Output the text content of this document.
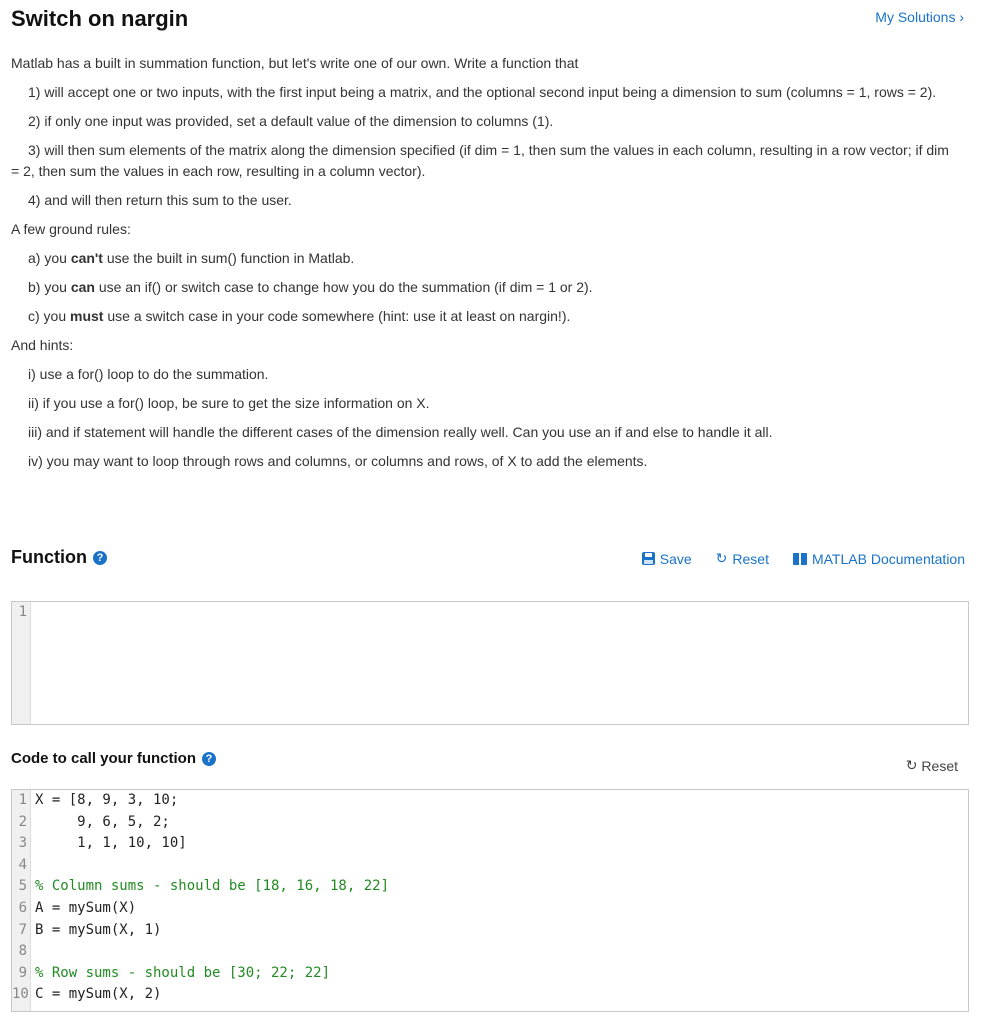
Switch on nargin	My Solutions ›

Matlab has a built in summation function, but let's write one of our own. Write a function that

1) will accept one or two inputs, with the first input being a matrix, and the optional second input being a dimension to sum (columns = 1, rows = 2).

2) if only one input was provided, set a default value of the dimension to columns (1).

3) will then sum elements of the matrix along the dimension specified (if dim = 1, then sum the values in each column, resulting in a row vector; if dim = 2, then sum the values in each row, resulting in a column vector).

4) and will then return this sum to the user.

A few ground rules:

a) you can't use the built in sum() function in Matlab.

b) you can use an if() or switch case to change how you do the summation (if dim = 1 or 2).

c) you must use a switch case in your code somewhere (hint: use it at least on nargin!).

And hints:

i) use a for() loop to do the summation.

ii) if you use a for() loop, be sure to get the size information on X.

iii) and if statement will handle the different cases of the dimension really well. Can you use an if and else to handle it all.

iv) you may want to loop through rows and columns, or columns and rows, of X to add the elements.

Function ?	Save ↻ Reset	MATLAB Documentation
1
Code to call your function ?	↻ Reset
1
2
3
4
5
6
7
8
9
10
X = [8, 9, 3, 10;
9, 6, 5, 2;
1, 1, 10, 10]
% Column sums - should be [18, 16, 18, 22]
A = mySum(X)
B = mySum(X, 1)
% Row sums - should be [30; 22; 22]
C = mySum(X, 2)
